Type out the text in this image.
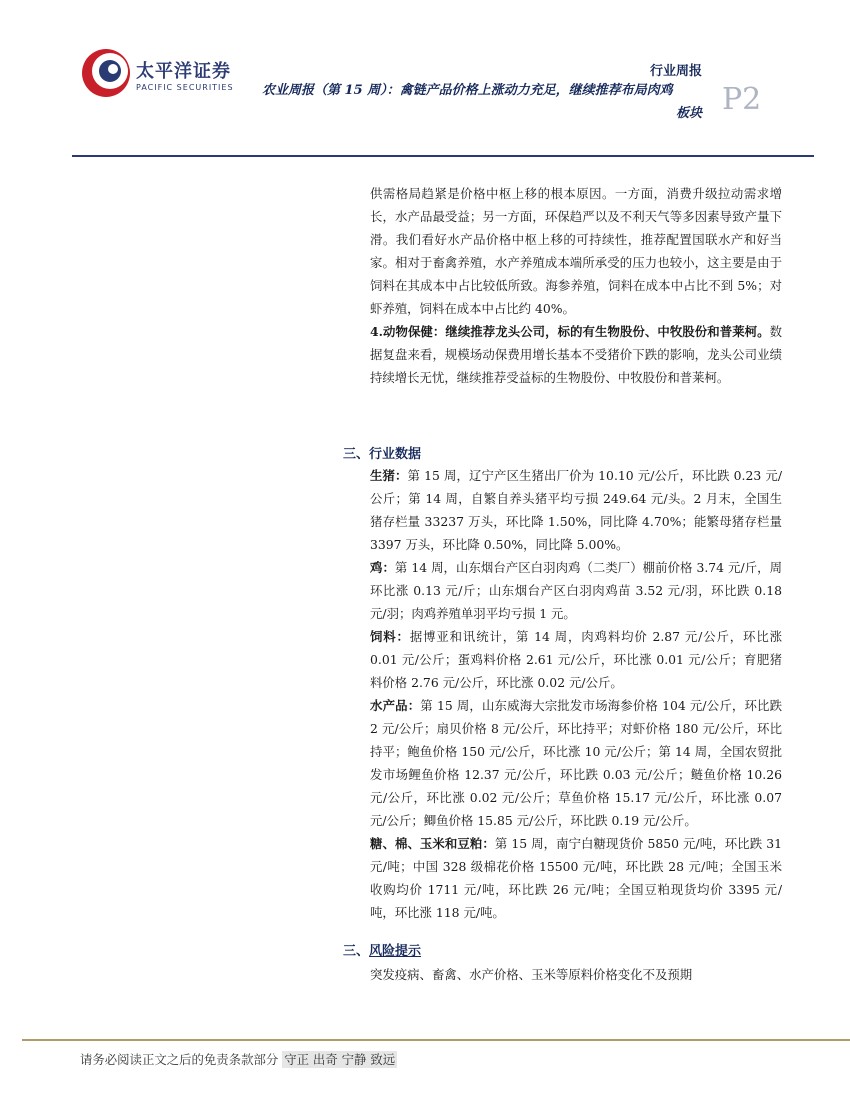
太平洋证券
PACIFIC SECURITIES
行业周报
农业周报（第 15 周）：禽链产品价格上涨动力充足，继续推荐布局肉鸡
板块 P2

供需格局趋紧是价格中枢上移的根本原因。一方面，消费升级拉动需求增长，水产品最受益；另一方面，环保趋严以及不利天气等多因素导致产量下滑。我们看好水产品价格中枢上移的可持续性，推荐配置国联水产和好当家。相对于畜禽养殖，水产养殖成本端所承受的压力也较小，这主要是由于饲料在其成本中占比较低所致。海参养殖，饲料在成本中占比不到 5%；对虾养殖，饲料在成本中占比约 40%。

4.动物保健：继续推荐龙头公司，标的有生物股份、中牧股份和普莱柯。数据复盘来看，规模场动保费用增长基本不受猪价下跌的影响，龙头公司业绩持续增长无忧，继续推荐受益标的生物股份、中牧股份和普莱柯。

三、行业数据

生猪：第 15 周，辽宁产区生猪出厂价为 10.10 元/公斤，环比跌 0.23 元/公斤；第 14 周，自繁自养头猪平均亏损 249.64 元/头。2 月末，全国生猪存栏量 33237 万头，环比降 1.50%，同比降 4.70%；能繁母猪存栏量 3397 万头，环比降 0.50%，同比降 5.00%。

鸡：第 14 周，山东烟台产区白羽肉鸡（二类厂）棚前价格 3.74 元/斤，周环比涨 0.13 元/斤；山东烟台产区白羽肉鸡苗 3.52 元/羽，环比跌 0.18 元/羽；肉鸡养殖单羽平均亏损 1 元。

饲料：据博亚和讯统计，第 14 周，肉鸡料均价 2.87 元/公斤，环比涨 0.01 元/公斤；蛋鸡料价格 2.61 元/公斤，环比涨 0.01 元/公斤；育肥猪料价格 2.76 元/公斤，环比涨 0.02 元/公斤。

水产品：第 15 周，山东威海大宗批发市场海参价格 104 元/公斤，环比跌 2 元/公斤；扇贝价格 8 元/公斤，环比持平；对虾价格 180 元/公斤，环比持平；鲍鱼价格 150 元/公斤，环比涨 10 元/公斤；第 14 周，全国农贸批发市场鲤鱼价格 12.37 元/公斤，环比跌 0.03 元/公斤；鲢鱼价格 10.26 元/公斤，环比涨 0.02 元/公斤；草鱼价格 15.17 元/公斤，环比涨 0.07 元/公斤；鲫鱼价格 15.85 元/公斤，环比跌 0.19 元/公斤。

糖、棉、玉米和豆粕：第 15 周，南宁白糖现货价 5850 元/吨，环比跌 31 元/吨；中国 328 级棉花价格 15500 元/吨，环比跌 28 元/吨；全国玉米收购均价 1711 元/吨，环比跌 26 元/吨；全国豆粕现货均价 3395 元/吨，环比涨 118 元/吨。

三、风险提示
突发疫病、畜禽、水产价格、玉米等原料价格变化不及预期
请务必阅读正文之后的免责条款部分 守正 出奇 宁静 致远
